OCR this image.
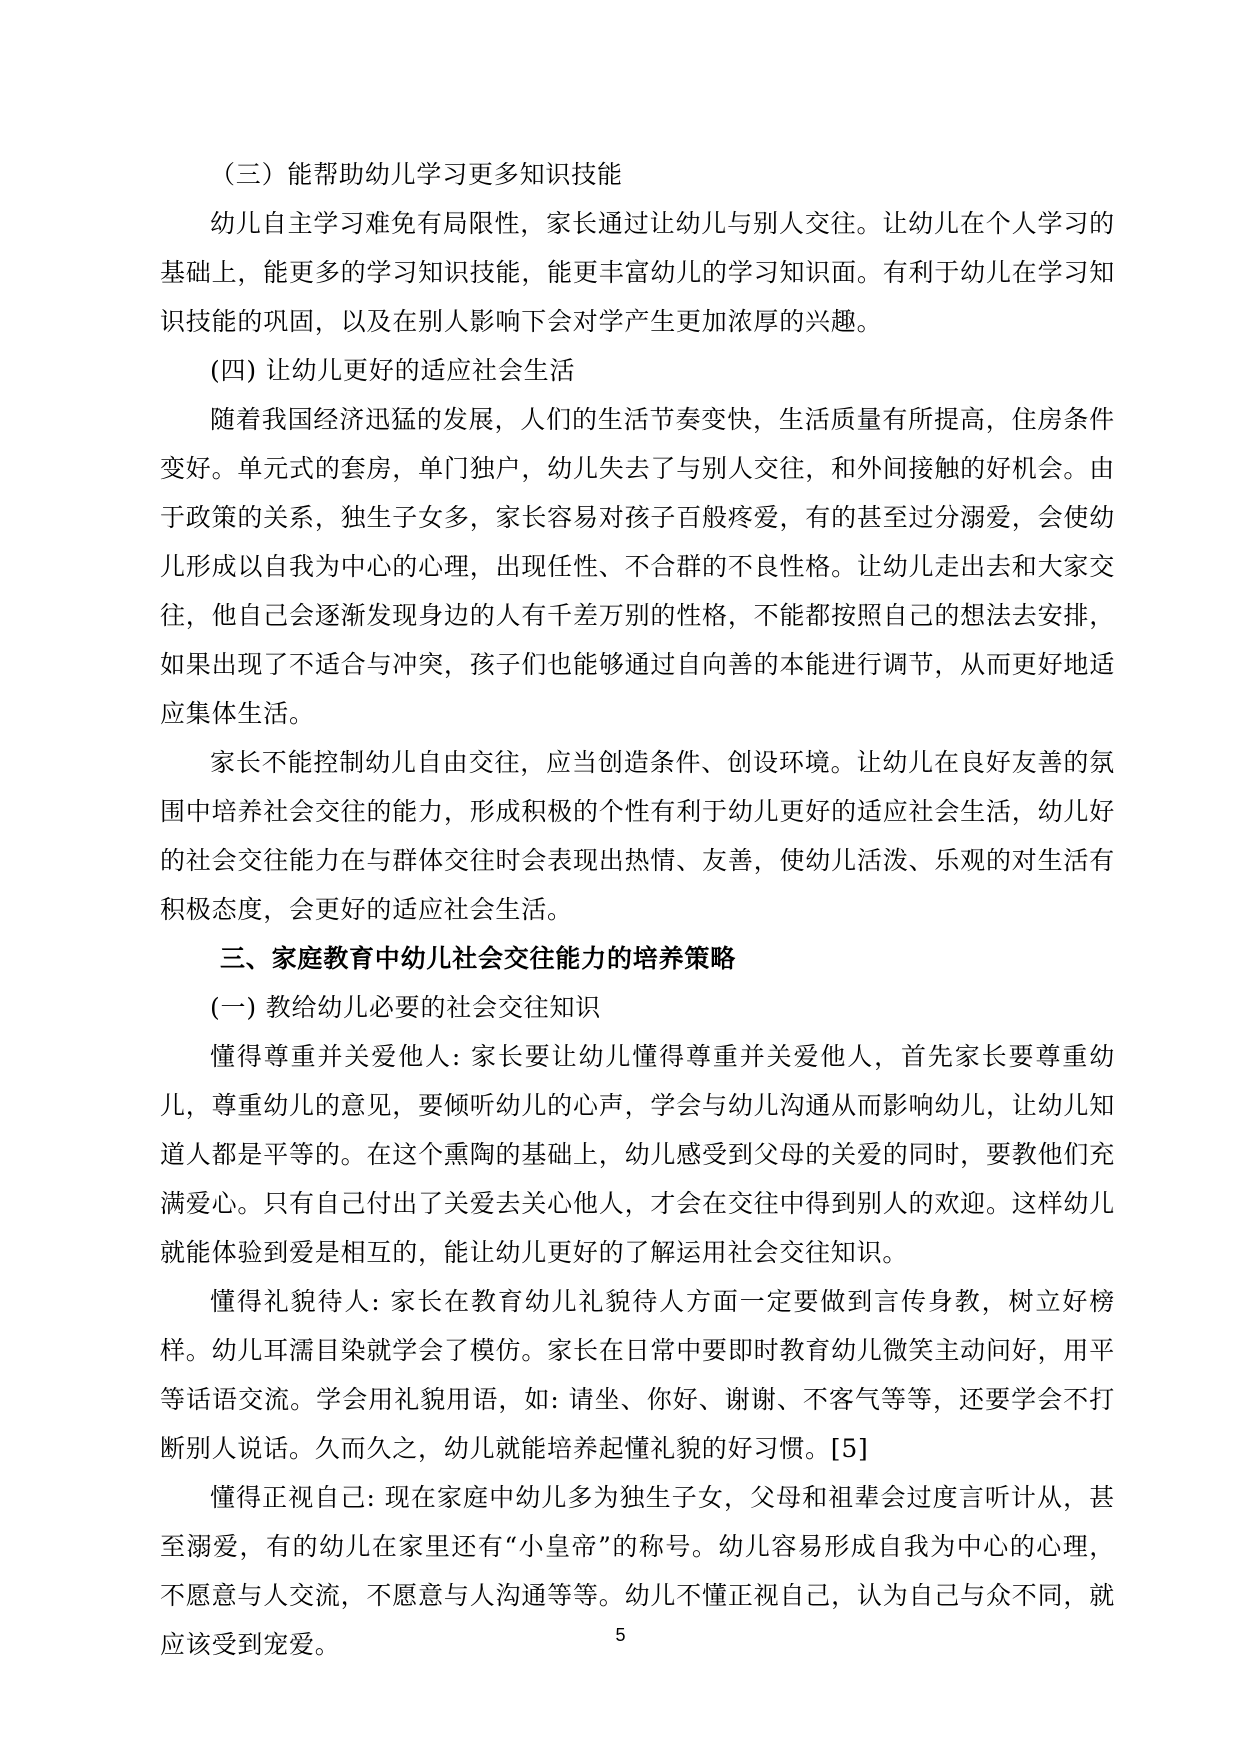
（三）能帮助幼儿学习更多知识技能

幼儿自主学习难免有局限性，家长通过让幼儿与别人交往。让幼儿在个人学习的基础上，能更多的学习知识技能，能更丰富幼儿的学习知识面。有利于幼儿在学习知识技能的巩固，以及在别人影响下会对学产生更加浓厚的兴趣。

(四) 让幼儿更好的适应社会生活

随着我国经济迅猛的发展，人们的生活节奏变快，生活质量有所提高，住房条件变好。单元式的套房，单门独户，幼儿失去了与别人交往，和外间接触的好机会。由于政策的关系，独生子女多，家长容易对孩子百般疼爱，有的甚至过分溺爱，会使幼儿形成以自我为中心的心理，出现任性、不合群的不良性格。让幼儿走出去和大家交往，他自己会逐渐发现身边的人有千差万别的性格，不能都按照自己的想法去安排，如果出现了不适合与冲突，孩子们也能够通过自向善的本能进行调节，从而更好地适应集体生活。

家长不能控制幼儿自由交往，应当创造条件、创设环境。让幼儿在良好友善的氛围中培养社会交往的能力，形成积极的个性有利于幼儿更好的适应社会生活，幼儿好的社会交往能力在与群体交往时会表现出热情、友善，使幼儿活泼、乐观的对生活有积极态度，会更好的适应社会生活。

三、家庭教育中幼儿社会交往能力的培养策略

(一) 教给幼儿必要的社会交往知识

懂得尊重并关爱他人: 家长要让幼儿懂得尊重并关爱他人，首先家长要尊重幼儿，尊重幼儿的意见，要倾听幼儿的心声，学会与幼儿沟通从而影响幼儿，让幼儿知道人都是平等的。在这个熏陶的基础上，幼儿感受到父母的关爱的同时，要教他们充满爱心。只有自己付出了关爱去关心他人，才会在交往中得到别人的欢迎。这样幼儿就能体验到爱是相互的，能让幼儿更好的了解运用社会交往知识。

懂得礼貌待人: 家长在教育幼儿礼貌待人方面一定要做到言传身教，树立好榜样。幼儿耳濡目染就学会了模仿。家长在日常中要即时教育幼儿微笑主动问好，用平等话语交流。学会用礼貌用语，如: 请坐、你好、谢谢、不客气等等，还要学会不打断别人说话。久而久之，幼儿就能培养起懂礼貌的好习惯。[5]

懂得正视自己: 现在家庭中幼儿多为独生子女，父母和祖辈会过度言听计从，甚至溺爱，有的幼儿在家里还有“小皇帝”的称号。幼儿容易形成自我为中心的心理，不愿意与人交流，不愿意与人沟通等等。幼儿不懂正视自己，认为自己与众不同，就应该受到宠爱。	5
